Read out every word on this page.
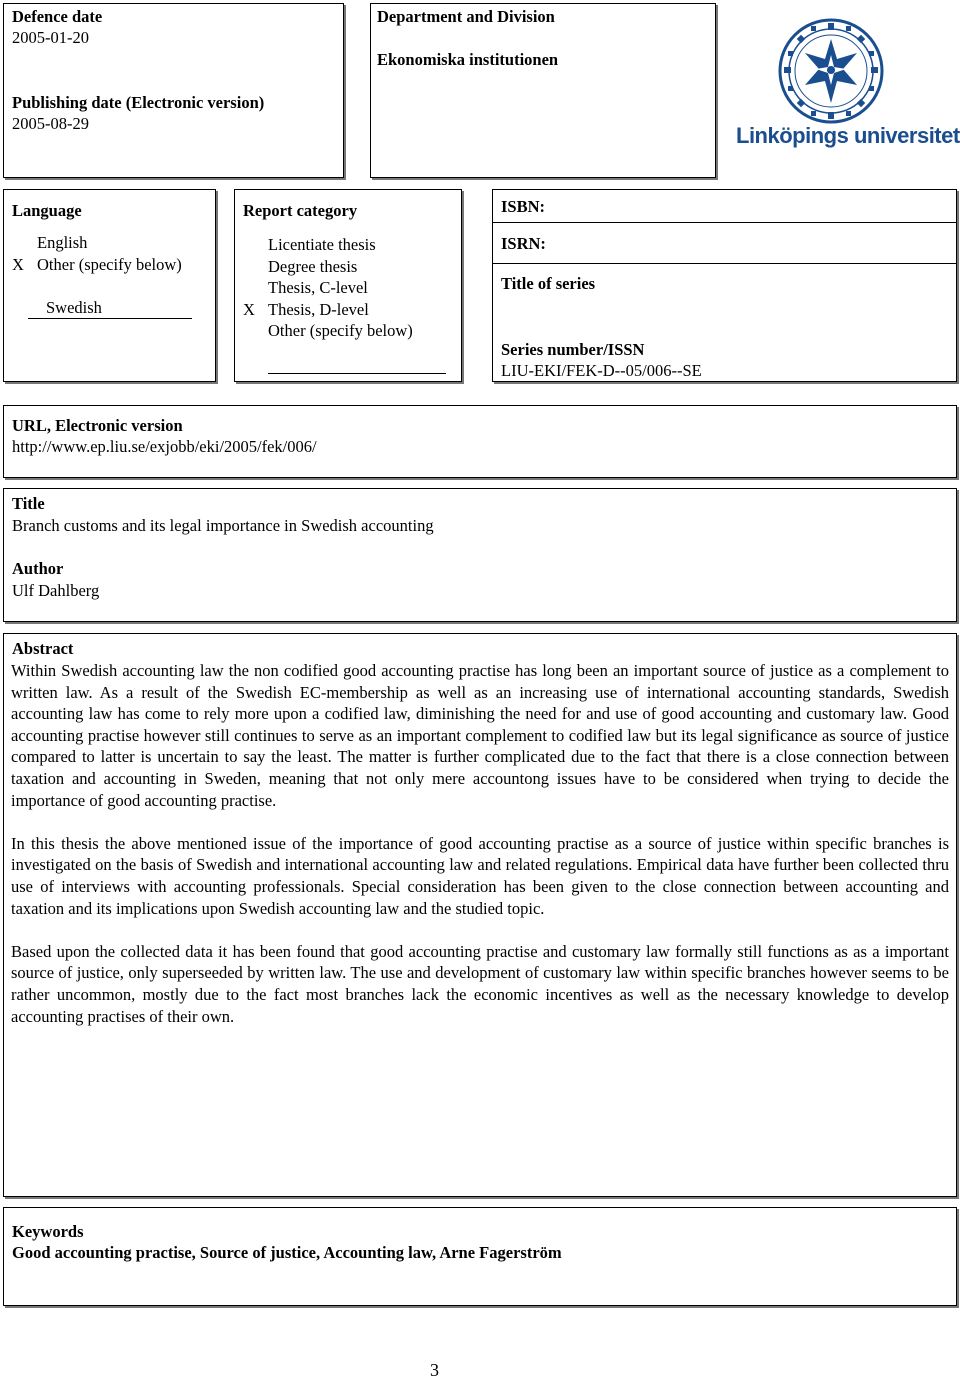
Defence date
2005-01-20
Publishing date (Electronic version)
2005-08-29
Department and Division
Ekonomiska institutionen
Linköpings universitet
Language
English
X Other (specify below)
Swedish
Report category
Licentiate thesis
Degree thesis
Thesis, C-level
X Thesis, D-level
Other (specify below)
ISBN:
ISRN:
Title of series
Series number/ISSN
LIU-EKI/FEK-D--05/006--SE
URL, Electronic version
http://www.ep.liu.se/exjobb/eki/2005/fek/006/
Title
Branch customs and its legal importance in Swedish accounting
Author
Ulf Dahlberg
Abstract

Within Swedish accounting law the non codified good accounting practise has long been an important source of justice as a complement to written law. As a result of the Swedish EC-membership as well as an increasing use of international accounting standards, Swedish accounting law has come to rely more upon a codified law, diminishing the need for and use of good accounting and customary law. Good accounting practise however still continues to serve as an important complement to codified law but its legal significance as source of justice compared to latter is uncertain to say the least. The matter is further complicated due to the fact that there is a close connection between taxation and accounting in Sweden, meaning that not only mere accountong issues have to be considered when trying to decide the importance of good accounting practise.

In this thesis the above mentioned issue of the importance of good accounting practise as a source of justice within specific branches is investigated on the basis of Swedish and international accounting law and related regulations. Empirical data have further been collected thru use of interviews with accounting professionals. Special consideration has been given to the close connection between accounting and taxation and its implications upon Swedish accounting law and the studied topic.

Based upon the collected data it has been found that good accounting practise and customary law formally still functions as as a important source of justice, only superseeded by written law. The use and development of customary law within specific branches however seems to be rather uncommon, mostly due to the fact most branches lack the economic incentives as well as the necessary knowledge to develop accounting practises of their own.

Keywords
Good accounting practise, Source of justice, Accounting law, Arne Fagerström
3
